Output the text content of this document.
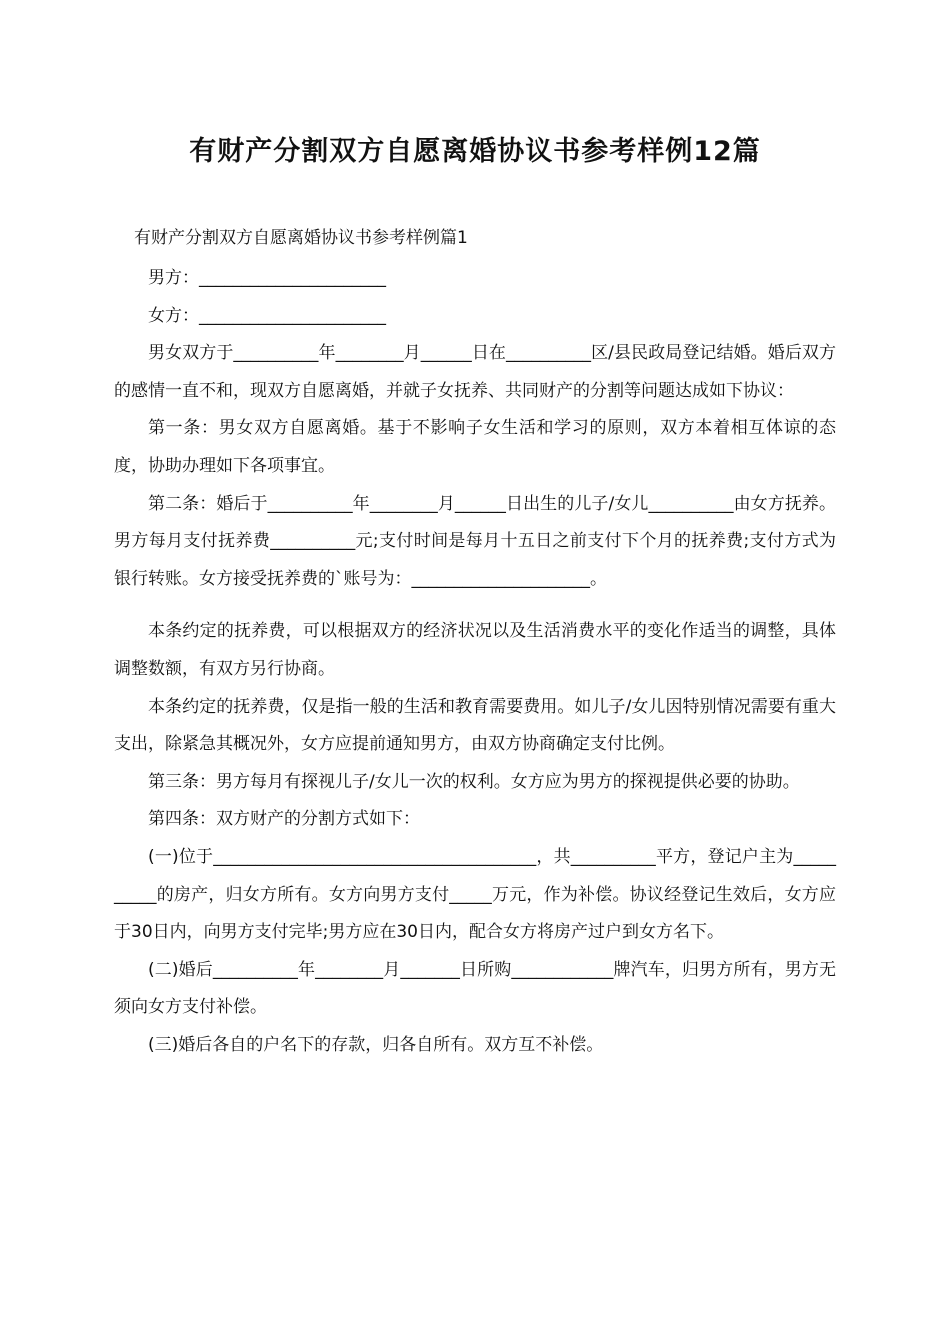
有财产分割双方自愿离婚协议书参考样例12篇
有财产分割双方自愿离婚协议书参考样例篇1

男方：______________________

女方：______________________

男女双方于__________年________月______日在__________区/县民政局登记结婚。婚后双方的感情一直不和，现双方自愿离婚，并就子女抚养、共同财产的分割等问题达成如下协议：

第一条：男女双方自愿离婚。基于不影响子女生活和学习的原则，双方本着相互体谅的态度，协助办理如下各项事宜。

第二条：婚后于__________年________月______日出生的儿子/女儿__________由女方抚养。男方每月支付抚养费__________元;支付时间是每月十五日之前支付下个月的抚养费;支付方式为银行转账。女方接受抚养费的`账号为：_____________________。

本条约定的抚养费，可以根据双方的经济状况以及生活消费水平的变化作适当的调整，具体调整数额，有双方另行协商。

本条约定的抚养费，仅是指一般的生活和教育需要费用。如儿子/女儿因特别情况需要有重大支出，除紧急其概况外，女方应提前通知男方，由双方协商确定支付比例。

第三条：男方每月有探视儿子/女儿一次的权利。女方应为男方的探视提供必要的协助。

第四条：双方财产的分割方式如下：

(一)位于______________________________________，共__________平方，登记户主为__________的房产，归女方所有。女方向男方支付_____万元，作为补偿。协议经登记生效后，女方应于30日内，向男方支付完毕;男方应在30日内，配合女方将房产过户到女方名下。

(二)婚后__________年________月_______日所购____________牌汽车，归男方所有，男方无须向女方支付补偿。

(三)婚后各自的户名下的存款，归各自所有。双方互不补偿。
